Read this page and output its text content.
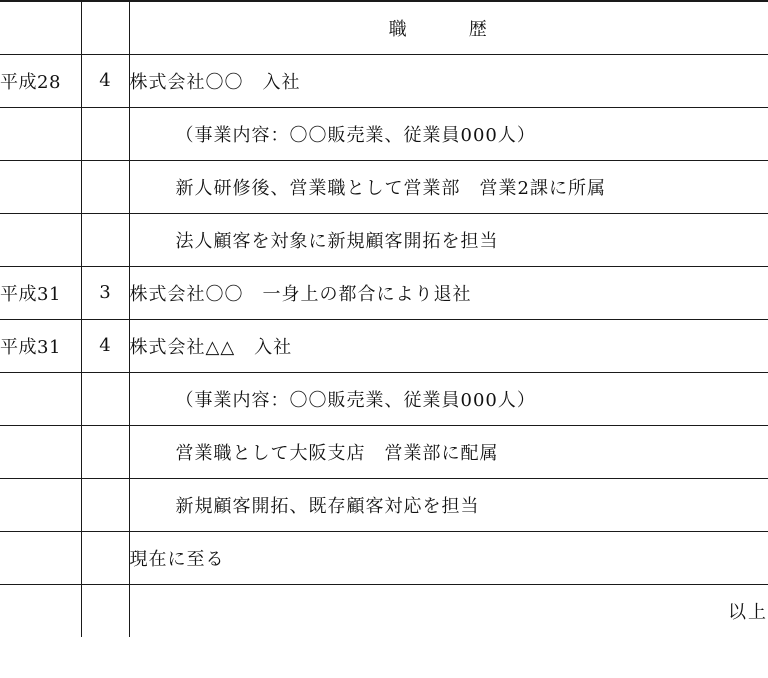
		職　歴
平成28	4	株式会社〇〇　入社
		（事業内容：〇〇販売業、従業員000人）
		新人研修後、営業職として営業部　営業2課に所属
		法人顧客を対象に新規顧客開拓を担当
平成31	3	株式会社〇〇　一身上の都合により退社
平成31	4	株式会社△△　入社
		（事業内容：〇〇販売業、従業員000人）
		営業職として大阪支店　営業部に配属
		新規顧客開拓、既存顧客対応を担当
		現在に至る
		以上
